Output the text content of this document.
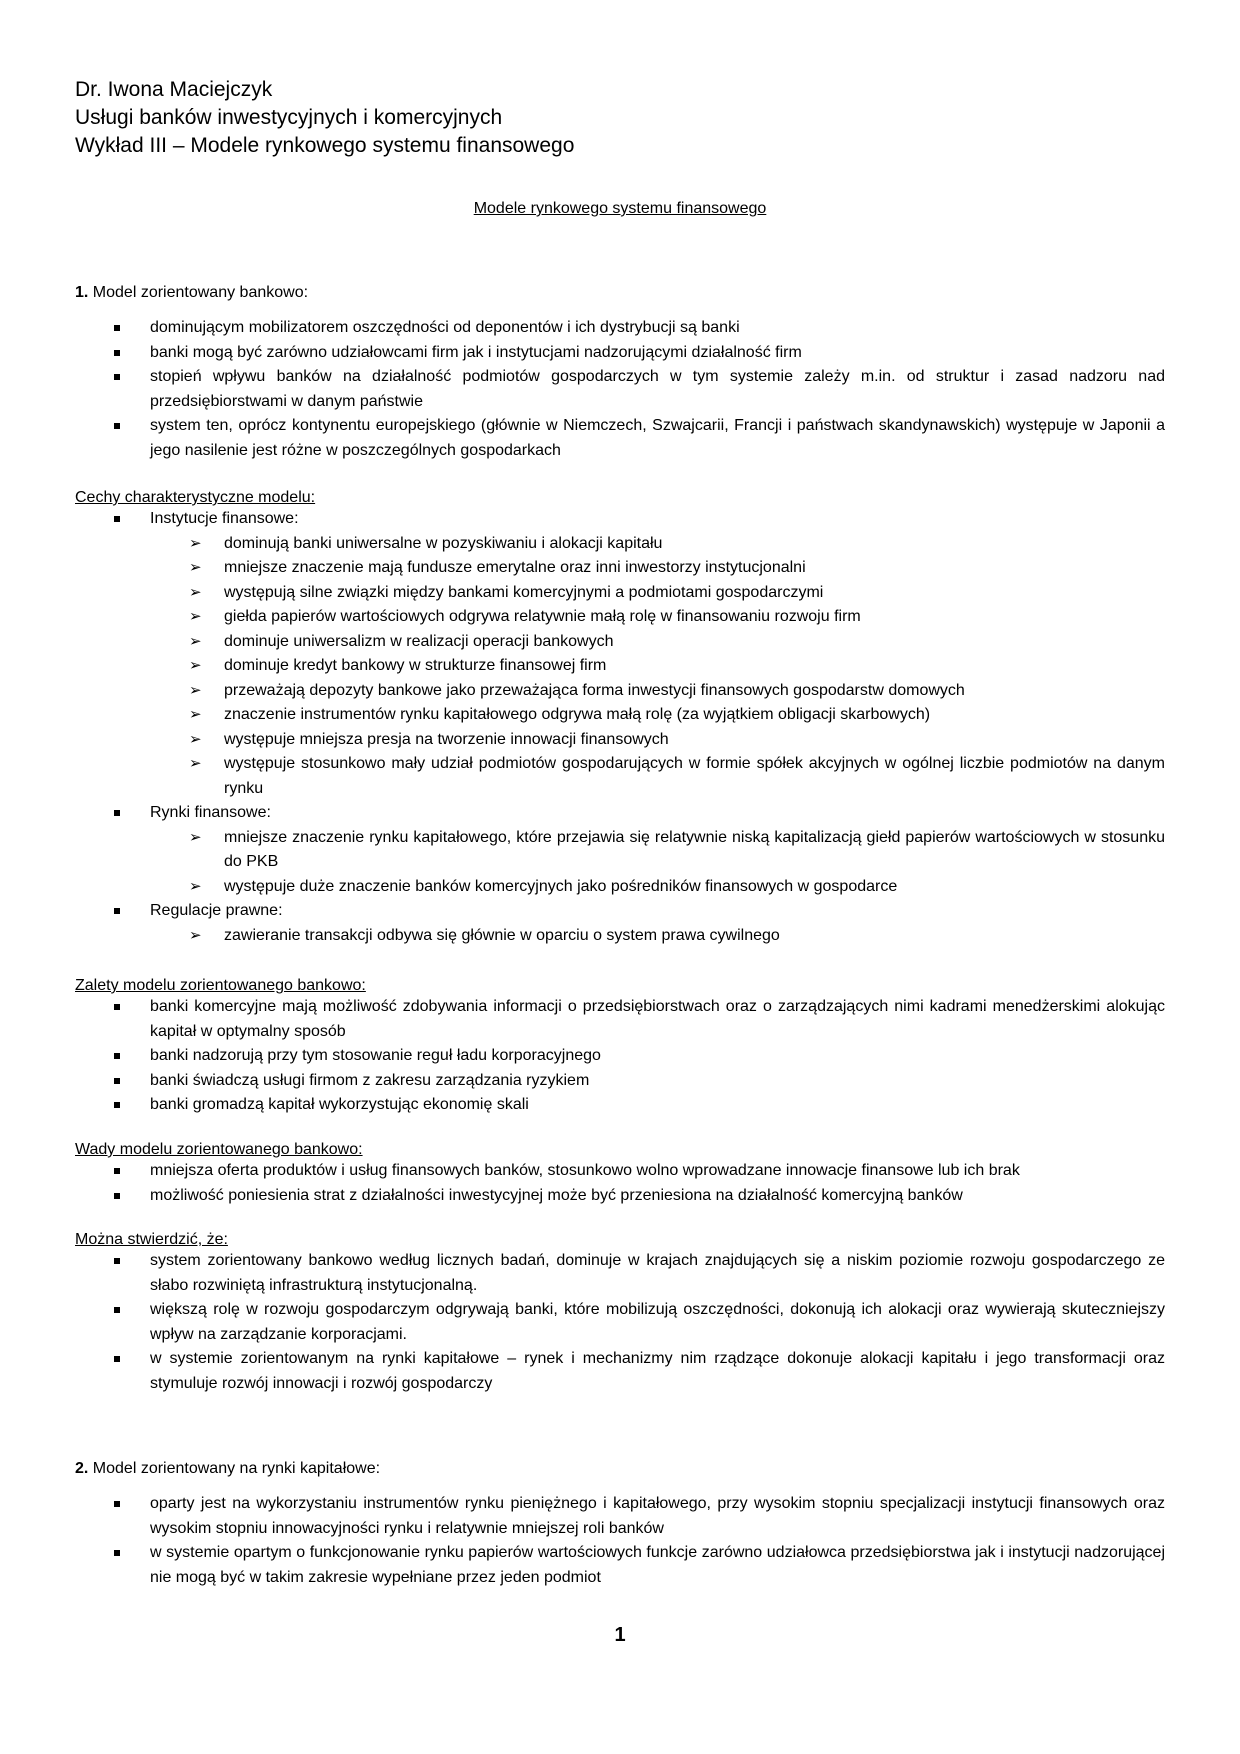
Dr. Iwona Maciejczyk
Usługi banków inwestycyjnych i komercyjnych
Wykład III – Modele rynkowego systemu finansowego
Modele rynkowego systemu finansowego

1. Model zorientowany bankowo:

dominującym mobilizatorem oszczędności od deponentów i ich dystrybucji są banki
banki mogą być zarówno udziałowcami firm jak i instytucjami nadzorującymi działalność firm
stopień wpływu banków na działalność podmiotów gospodarczych w tym systemie zależy m.in. od struktur i zasad nadzoru nad przedsiębiorstwami w danym państwie
system ten, oprócz kontynentu europejskiego (głównie w Niemczech, Szwajcarii, Francji i państwach skandynawskich) występuje w Japonii a jego nasilenie jest różne w poszczególnych gospodarkach

Cechy charakterystyczne modelu:

Instytucje finansowe:
➢ dominują banki uniwersalne w pozyskiwaniu i alokacji kapitału
➢ mniejsze znaczenie mają fundusze emerytalne oraz inni inwestorzy instytucjonalni
➢ występują silne związki między bankami komercyjnymi a podmiotami gospodarczymi
➢ giełda papierów wartościowych odgrywa relatywnie małą rolę w finansowaniu rozwoju firm
➢ dominuje uniwersalizm w realizacji operacji bankowych
➢ dominuje kredyt bankowy w strukturze finansowej firm
➢ przeważają depozyty bankowe jako przeważająca forma inwestycji finansowych gospodarstw domowych
➢ znaczenie instrumentów rynku kapitałowego odgrywa małą rolę (za wyjątkiem obligacji skarbowych)
➢ występuje mniejsza presja na tworzenie innowacji finansowych
➢ występuje stosunkowo mały udział podmiotów gospodarujących w formie spółek akcyjnych w ogólnej liczbie podmiotów na danym rynku
Rynki finansowe:
➢ mniejsze znaczenie rynku kapitałowego, które przejawia się relatywnie niską kapitalizacją giełd papierów wartościowych w stosunku do PKB
➢ występuje duże znaczenie banków komercyjnych jako pośredników finansowych w gospodarce
Regulacje prawne:
➢ zawieranie transakcji odbywa się głównie w oparciu o system prawa cywilnego

Zalety modelu zorientowanego bankowo:

banki komercyjne mają możliwość zdobywania informacji o przedsiębiorstwach oraz o zarządzających nimi kadrami menedżerskimi alokując kapitał w optymalny sposób
banki nadzorują przy tym stosowanie reguł ładu korporacyjnego
banki świadczą usługi firmom z zakresu zarządzania ryzykiem
banki gromadzą kapitał wykorzystując ekonomię skali

Wady modelu zorientowanego bankowo:

mniejsza oferta produktów i usług finansowych banków, stosunkowo wolno wprowadzane innowacje finansowe lub ich brak
możliwość poniesienia strat z działalności inwestycyjnej może być przeniesiona na działalność komercyjną banków

Można stwierdzić, że:

system zorientowany bankowo według licznych badań, dominuje w krajach znajdujących się a niskim poziomie rozwoju gospodarczego ze słabo rozwiniętą infrastrukturą instytucjonalną.
większą rolę w rozwoju gospodarczym odgrywają banki, które mobilizują oszczędności, dokonują ich alokacji oraz wywierają skuteczniejszy wpływ na zarządzanie korporacjami.
w systemie zorientowanym na rynki kapitałowe – rynek i mechanizmy nim rządzące dokonuje alokacji kapitału i jego transformacji oraz stymuluje rozwój innowacji i rozwój gospodarczy

2. Model zorientowany na rynki kapitałowe:

oparty jest na wykorzystaniu instrumentów rynku pieniężnego i kapitałowego, przy wysokim stopniu specjalizacji instytucji finansowych oraz wysokim stopniu innowacyjności rynku i relatywnie mniejszej roli banków
w systemie opartym o funkcjonowanie rynku papierów wartościowych funkcje zarówno udziałowca przedsiębiorstwa jak i instytucji nadzorującej nie mogą być w takim zakresie wypełniane przez jeden podmiot
1
